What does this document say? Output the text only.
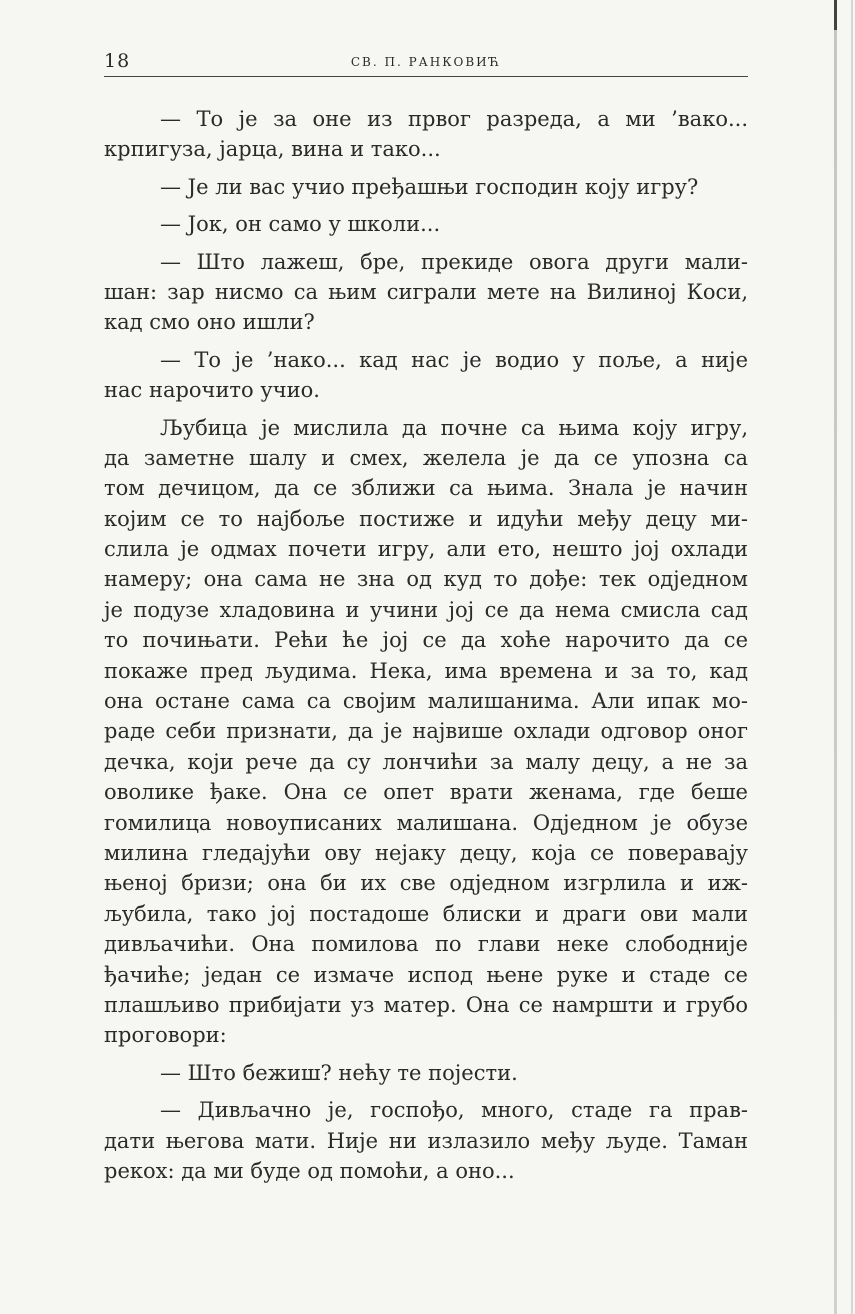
18	СВ. П. РАНКОВИЋ
— То је за оне из првог разреда, а ми ’вако...
крпигуза, јарца, вина и тако...
— Је ли вас учио пређашњи господин коју игру?
— Јок, он само у школи...
— Што лажеш, бре, прекиде овога други мали-
шан: зар нисмо са њим сиграли мете на Вилиној Коси,
кад смо оно ишли?
— То је ’нако... кад нас је водио у поље, а није
нас нарочито учио.
Љубица је мислила да почне са њима коју игру,
да заметне шалу и смех, желела је да се упозна са
том дечицом, да се зближи са њима. Знала је начин
којим се то најбоље постиже и идући међу децу ми-
слила је одмах почети игру, али ето, нешто јој охлади
намеру; она сама не зна од куд то дође: тек одједном
је подузе хладовина и учини јој се да нема смисла сад
то почињати. Рећи ће јој се да хоће нарочито да се
покаже пред људима. Нека, има времена и за то, кад
она остане сама са својим малишанима. Али ипак мо-
раде себи признати, да је највише охлади одговор оног
дечка, који рече да су лончићи за малу децу, а не за
оволике ђаке. Она се опет врати женама, где беше
гомилица новоуписаних малишана. Одједном је обузе
милина гледајући ову нејаку децу, која се поверавају
њеној бризи; она би их све одједном изгрлила и иж-
љубила, тако јој постадоше блиски и драги ови мали
дивљачићи. Она помилова по глави неке слободније
ђачиће; један се измаче испод њене руке и стаде се
плашљиво прибијати уз матер. Она се намршти и грубо
проговори:
— Што бежиш? нећу те појести.
— Дивљачно је, госпођо, много, стаде га прав-
дати његова мати. Није ни излазило међу људе. Таман
рекох: да ми буде од помоћи, а оно...
